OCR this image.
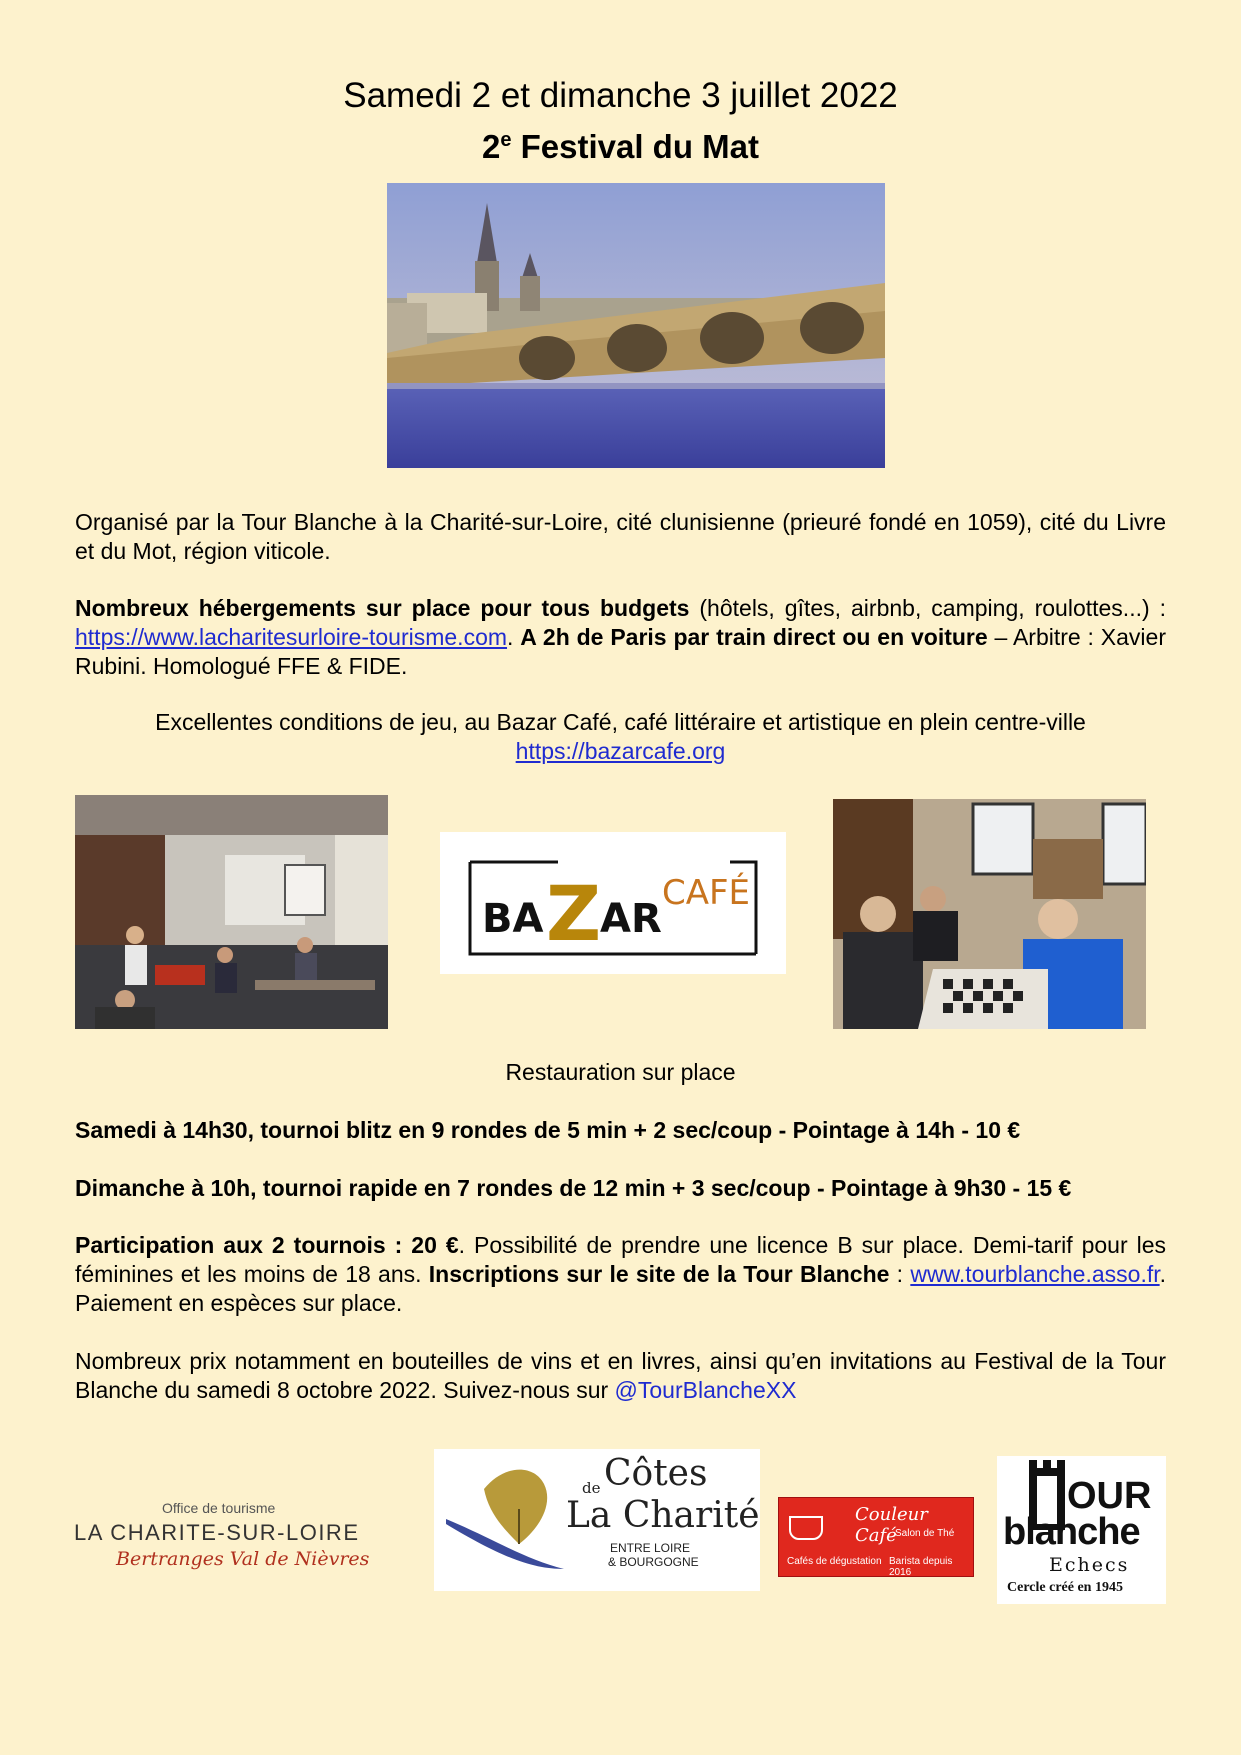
Samedi 2 et dimanche 3 juillet 2022
2e Festival du Mat
Organisé par la Tour Blanche à la Charité-sur-Loire, cité clunisienne (prieuré fondé en 1059), cité du Livre et du Mot, région viticole.
Nombreux hébergements sur place pour tous budgets (hôtels, gîtes, airbnb, camping, roulottes...) : https://www.lacharitesurloire-tourisme.com. A 2h de Paris par train direct ou en voiture – Arbitre : Xavier Rubini. Homologué FFE & FIDE.
Excellentes conditions de jeu, au Bazar Café, café littéraire et artistique en plein centre-ville
https://bazarcafe.org
BA Z
AR
CAFÉ
Restauration sur place
Samedi à 14h30, tournoi blitz en 9 rondes de 5 min + 2 sec/coup - Pointage à 14h - 10 €
Dimanche à 10h, tournoi rapide en 7 rondes de 12 min + 3 sec/coup - Pointage à 9h30 - 15 €
Participation aux 2 tournois : 20 €. Possibilité de prendre une licence B sur place. Demi-tarif pour les féminines et les moins de 18 ans. Inscriptions sur le site de la Tour Blanche : www.tourblanche.asso.fr. Paiement en espèces sur place.
Nombreux prix notamment en bouteilles de vins et en livres, ainsi qu’en invitations au Festival de la Tour Blanche du samedi 8 octobre 2022. Suivez-nous sur @TourBlancheXX
Office de tourisme
LA CHARITE-SUR-LOIRE
Bertranges Val de Nièvres
Côtes
de
La Charité
ENTRE LOIRE
& BOURGOGNE
Couleur Café
Salon de Thé
Cafés de dégustation Barista depuis 2016
OUR
blanche
Echecs
Cercle créé en 1945
